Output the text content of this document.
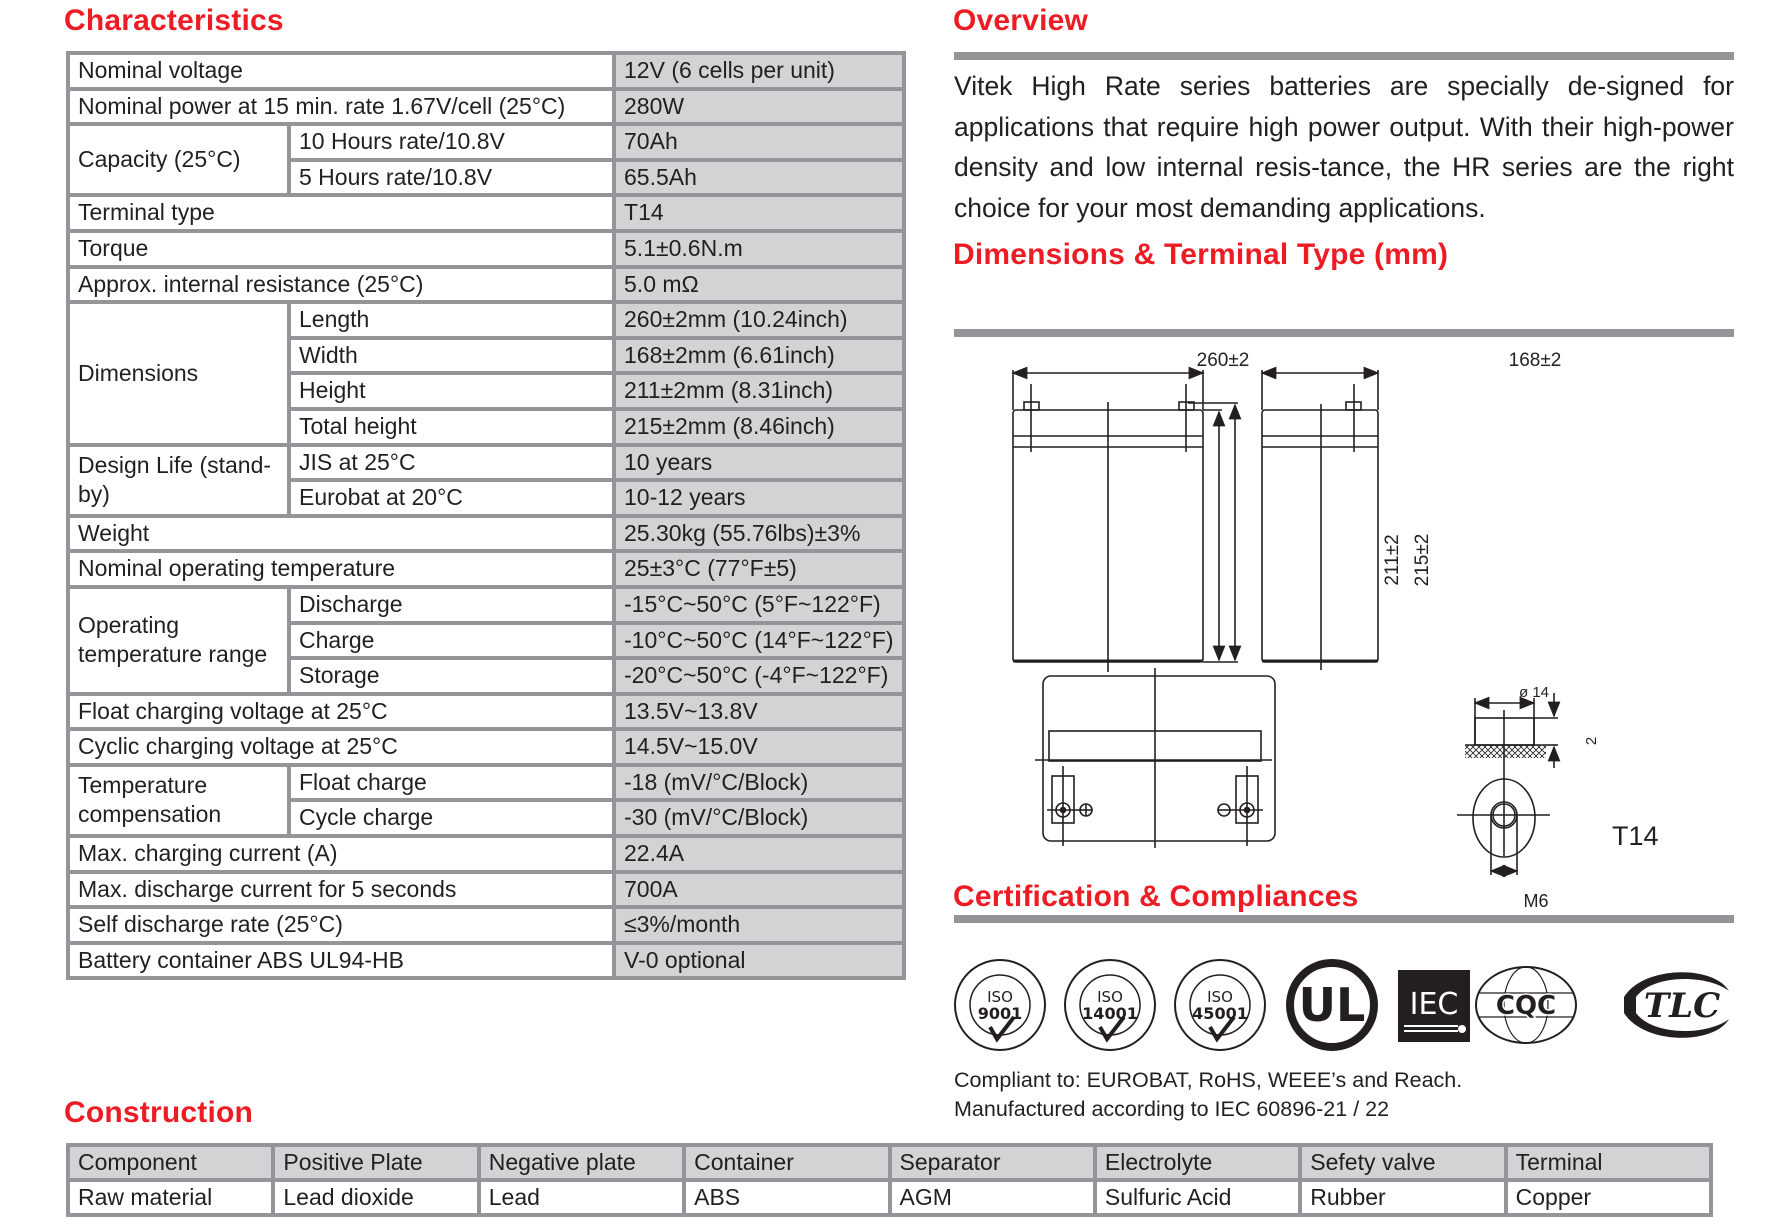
Characteristics
Nominal voltage		12V (6 cells per unit)
Nominal power at 15 min. rate 1.67V/cell (25°C)		280W
Capacity (25°C)	10 Hours rate/10.8V	70Ah
	5 Hours rate/10.8V	65.5Ah
Terminal type		T14
Torque		5.1±0.6N.m
Approx. internal resistance (25°C)		5.0 mΩ
Dimensions	Length	260±2mm (10.24inch)
	Width	168±2mm (6.61inch)
	Height	211±2mm (8.31inch)
	Total height	215±2mm (8.46inch)
Design Life (stand-by)	JIS at 25°C	10 years
	Eurobat at 20°C	10-12 years
Weight		25.30kg (55.76lbs)±3%
Nominal operating temperature		25±3°C (77°F±5)
Operating temperature range	Discharge	-15°C~50°C (5°F~122°F)
	Charge	-10°C~50°C (14°F~122°F)
	Storage	-20°C~50°C (-4°F~122°F)
Float charging voltage at 25°C		13.5V~13.8V
Cyclic charging voltage at 25°C		14.5V~15.0V
Temperature compensation	Float charge	-18 (mV/°C/Block)
	Cycle charge	-30 (mV/°C/Block)
Max. charging current (A)		22.4A
Max. discharge current for 5 seconds		700A
Self discharge rate (25°C)		≤3%/month
Battery container ABS UL94-HB		V-0 optional
Overview

Vitek High Rate series batteries are specially de-signed for applications that require high power output. With their high-power density and low internal resis-tance, the HR series are the right choice for your most demanding applications.

Dimensions & Terminal Type (mm)
260±2	168±2
211±2 215±2
ø 14
2
M6
T14
Certification & Compliances
ISO
9001
ISO
14001
ISO
45001 UL IEC CQC	TLC

Compliant to: EUROBAT, RoHS, WEEE’s and Reach.
Manufactured according to IEC 60896-21 / 22

Construction
Component	Positive Plate	Negative plate	Container	Separator	Electrolyte	Sefety valve	Terminal
Raw material	Lead dioxide	Lead	ABS	AGM	Sulfuric Acid	Rubber	Copper
